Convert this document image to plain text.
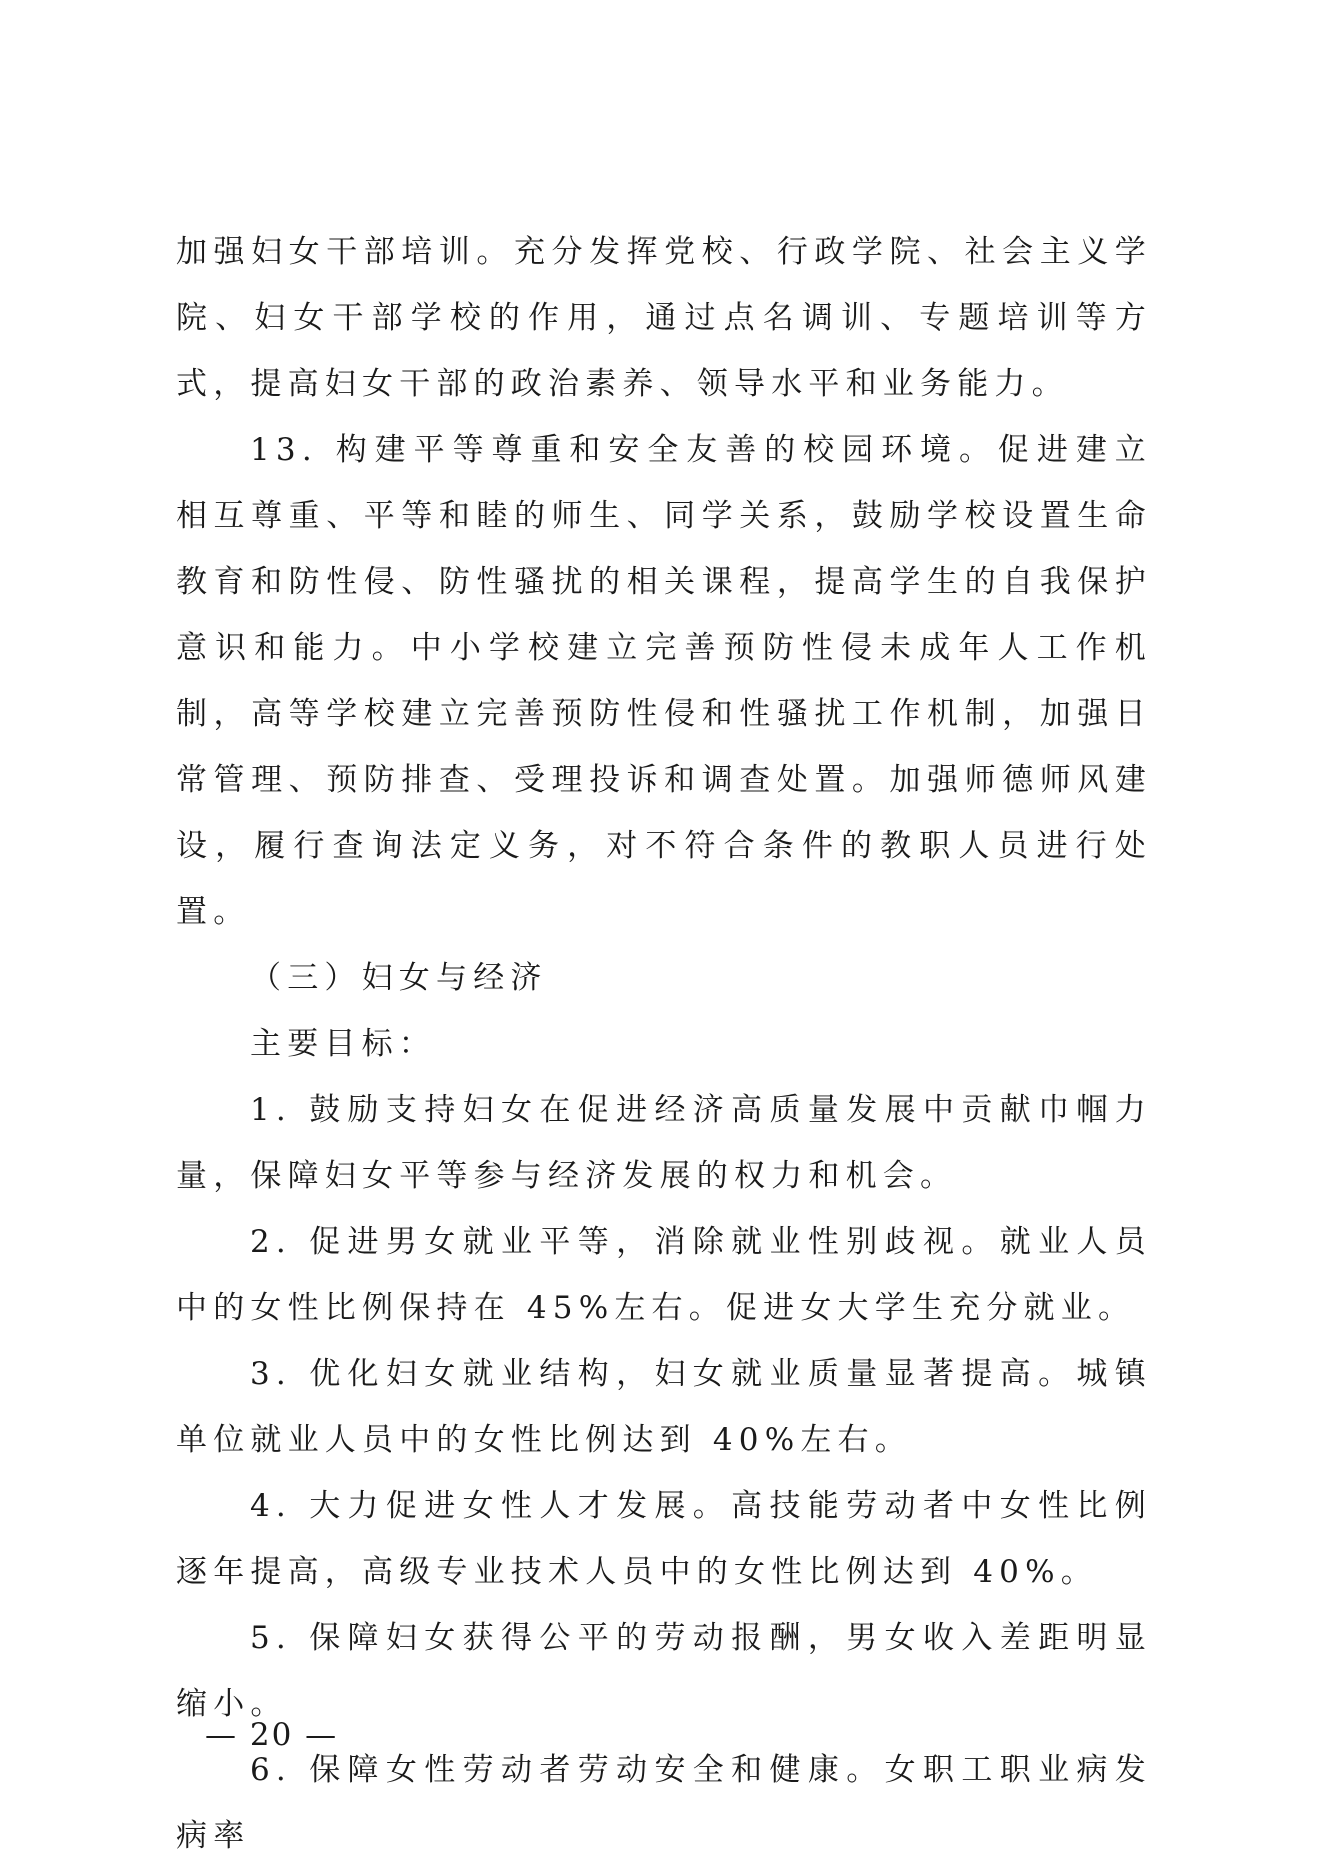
加强妇女干部培训。充分发挥党校、行政学院、社会主义学院、妇女干部学校的作用，通过点名调训、专题培训等方式，提高妇女干部的政治素养、领导水平和业务能力。

13. 构建平等尊重和安全友善的校园环境。促进建立相互尊重、平等和睦的师生、同学关系，鼓励学校设置生命教育和防性侵、防性骚扰的相关课程，提高学生的自我保护意识和能力。中小学校建立完善预防性侵未成年人工作机制，高等学校建立完善预防性侵和性骚扰工作机制，加强日常管理、预防排查、受理投诉和调查处置。加强师德师风建设，履行查询法定义务，对不符合条件的教职人员进行处置。

（三）妇女与经济

主要目标：

1. 鼓励支持妇女在促进经济高质量发展中贡献巾帼力量，保障妇女平等参与经济发展的权力和机会。

2. 促进男女就业平等，消除就业性别歧视。就业人员中的女性比例保持在 45%左右。促进女大学生充分就业。

3. 优化妇女就业结构，妇女就业质量显著提高。城镇单位就业人员中的女性比例达到 40%左右。

4. 大力促进女性人才发展。高技能劳动者中女性比例逐年提高，高级专业技术人员中的女性比例达到 40%。

5. 保障妇女获得公平的劳动报酬，男女收入差距明显缩小。

6. 保障女性劳动者劳动安全和健康。女职工职业病发病率

— 20 —
